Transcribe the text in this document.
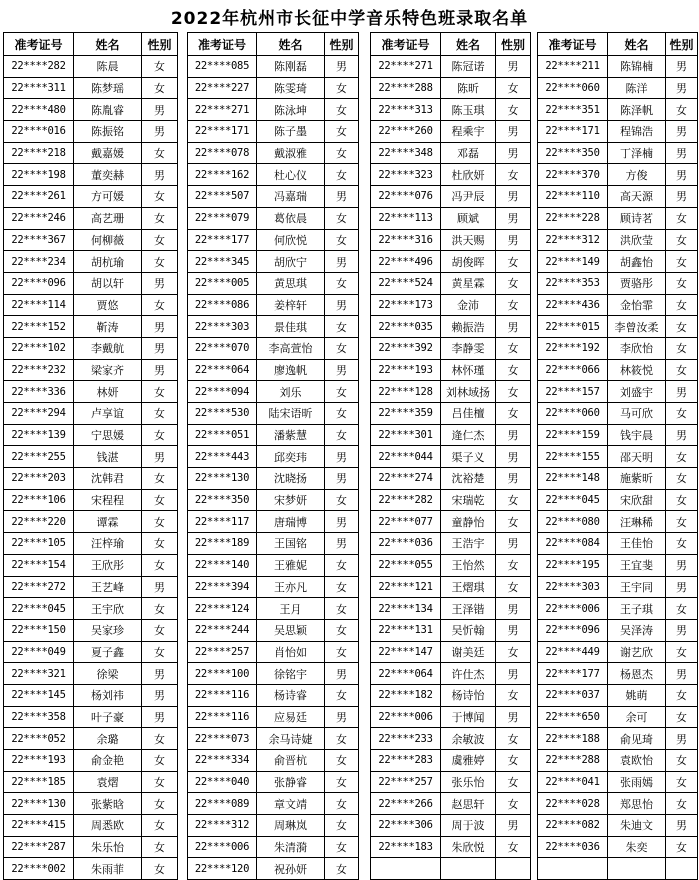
2022年杭州市长征中学音乐特色班录取名单
准考证号	姓名	性别
22****282	陈晨	女
22****311	陈梦瑶	女
22****480	陈胤睿	男
22****016	陈振铭	男
22****218	戴嘉媛	女
22****198	董奕赫	男
22****261	方可媛	女
22****246	高艺珊	女
22****367	何柳薇	女
22****234	胡杭瑜	女
22****096	胡以轩	男
22****114	贾悠	女
22****152	靳涛	男
22****102	李戴航	男
22****232	梁家齐	男
22****336	林妍	女
22****294	卢享谊	女
22****139	宁思媛	女
22****255	钱湛	男
22****203	沈韩君	女
22****106	宋程程	女
22****220	谭霖	女
22****105	汪梓瑜	女
22****154	王欣彤	女
22****272	王艺峰	男
22****045	王宇欣	女
22****150	吴家珍	女
22****049	夏子鑫	女
22****321	徐梁	男
22****145	杨刘祎	男
22****358	叶子豪	男
22****052	余璐	女
22****193	俞金艳	女
22****185	袁熠	女
22****130	张紫晗	女
22****415	周悉欧	女
22****287	朱乐怡	女
22****002	朱雨菲	女
准考证号	姓名	性别
22****085	陈刚磊	男
22****227	陈雯琦	女
22****271	陈泳坤	女
22****171	陈子墨	女
22****078	戴淑雅	女
22****162	杜心仪	女
22****507	冯嘉瑞	男
22****079	葛依晨	女
22****177	何欣悦	女
22****345	胡欣宁	男
22****005	黄思琪	女
22****086	姜梓轩	男
22****303	景佳琪	女
22****070	李高萱怡	女
22****064	廖逸帆	男
22****094	刘乐	女
22****530	陆宋语昕	女
22****051	潘紫慧	女
22****443	邱奕玮	男
22****130	沈晓扬	男
22****350	宋梦妍	女
22****117	唐瑞博	男
22****189	王国铭	男
22****140	王雅妮	女
22****394	王亦凡	女
22****124	王月	女
22****244	吴思颖	女
22****257	肖怡如	女
22****100	徐铭宇	男
22****116	杨诗睿	女
22****116	应易廷	男
22****073	余马诗婕	女
22****334	俞晋杭	女
22****040	张静睿	女
22****089	章文靖	女
22****312	周琳岚	女
22****006	朱清漪	女
22****120	祝孙妍	女
准考证号	姓名	性别
22****271	陈冠诺	男
22****288	陈昕	女
22****313	陈玉琪	女
22****260	程乘宇	男
22****348	邓磊	男
22****323	杜欣妍	女
22****076	冯尹辰	男
22****113	顾斌	男
22****316	洪天赐	男
22****496	胡俊晖	女
22****524	黄星霖	女
22****173	金沛	女
22****035	赖振浩	男
22****392	李静雯	女
22****193	林怀瑾	女
22****128	刘林域扬	女
22****359	吕佳檀	女
22****301	逄仁杰	男
22****044	渠子义	男
22****274	沈裕楚	男
22****282	宋瑞乾	女
22****077	童静怡	女
22****036	王浩宇	男
22****055	王怡然	女
22****121	王熠琪	女
22****134	王泽锴	男
22****131	吴忻翰	男
22****147	谢美廷	女
22****064	许仕杰	男
22****182	杨诗怡	女
22****006	于博闻	男
22****233	余敏波	女
22****283	虞雅婷	女
22****257	张乐怡	女
22****266	赵思轩	女
22****306	周于波	男
22****183	朱欣悦	女

准考证号	姓名	性别
22****211	陈锦楠	男
22****060	陈洋	男
22****351	陈泽帆	女
22****171	程锦浩	男
22****350	丁泽楠	男
22****370	方俊	男
22****110	高天源	男
22****228	顾诗茗	女
22****312	洪欣莹	女
22****149	胡鑫怡	女
22****353	贾骆彤	女
22****436	金怡霏	女
22****015	李曾汝柔	女
22****192	李欣怡	女
22****066	林筱悦	女
22****157	刘盛宇	男
22****060	马可欣	女
22****159	钱宇晨	男
22****155	邵天明	女
22****148	施紫昕	女
22****045	宋欣甜	女
22****080	汪琳稀	女
22****084	王佳怡	女
22****195	王宜斐	男
22****303	王宇同	男
22****006	王子琪	女
22****096	吴泽涛	男
22****449	谢艺欣	女
22****177	杨恩杰	男
22****037	姚萌	女
22****650	余可	女
22****188	俞见琦	男
22****288	袁欧怡	女
22****041	张雨嫣	女
22****028	郑思怡	女
22****082	朱迪文	男
22****036	朱奕	女
